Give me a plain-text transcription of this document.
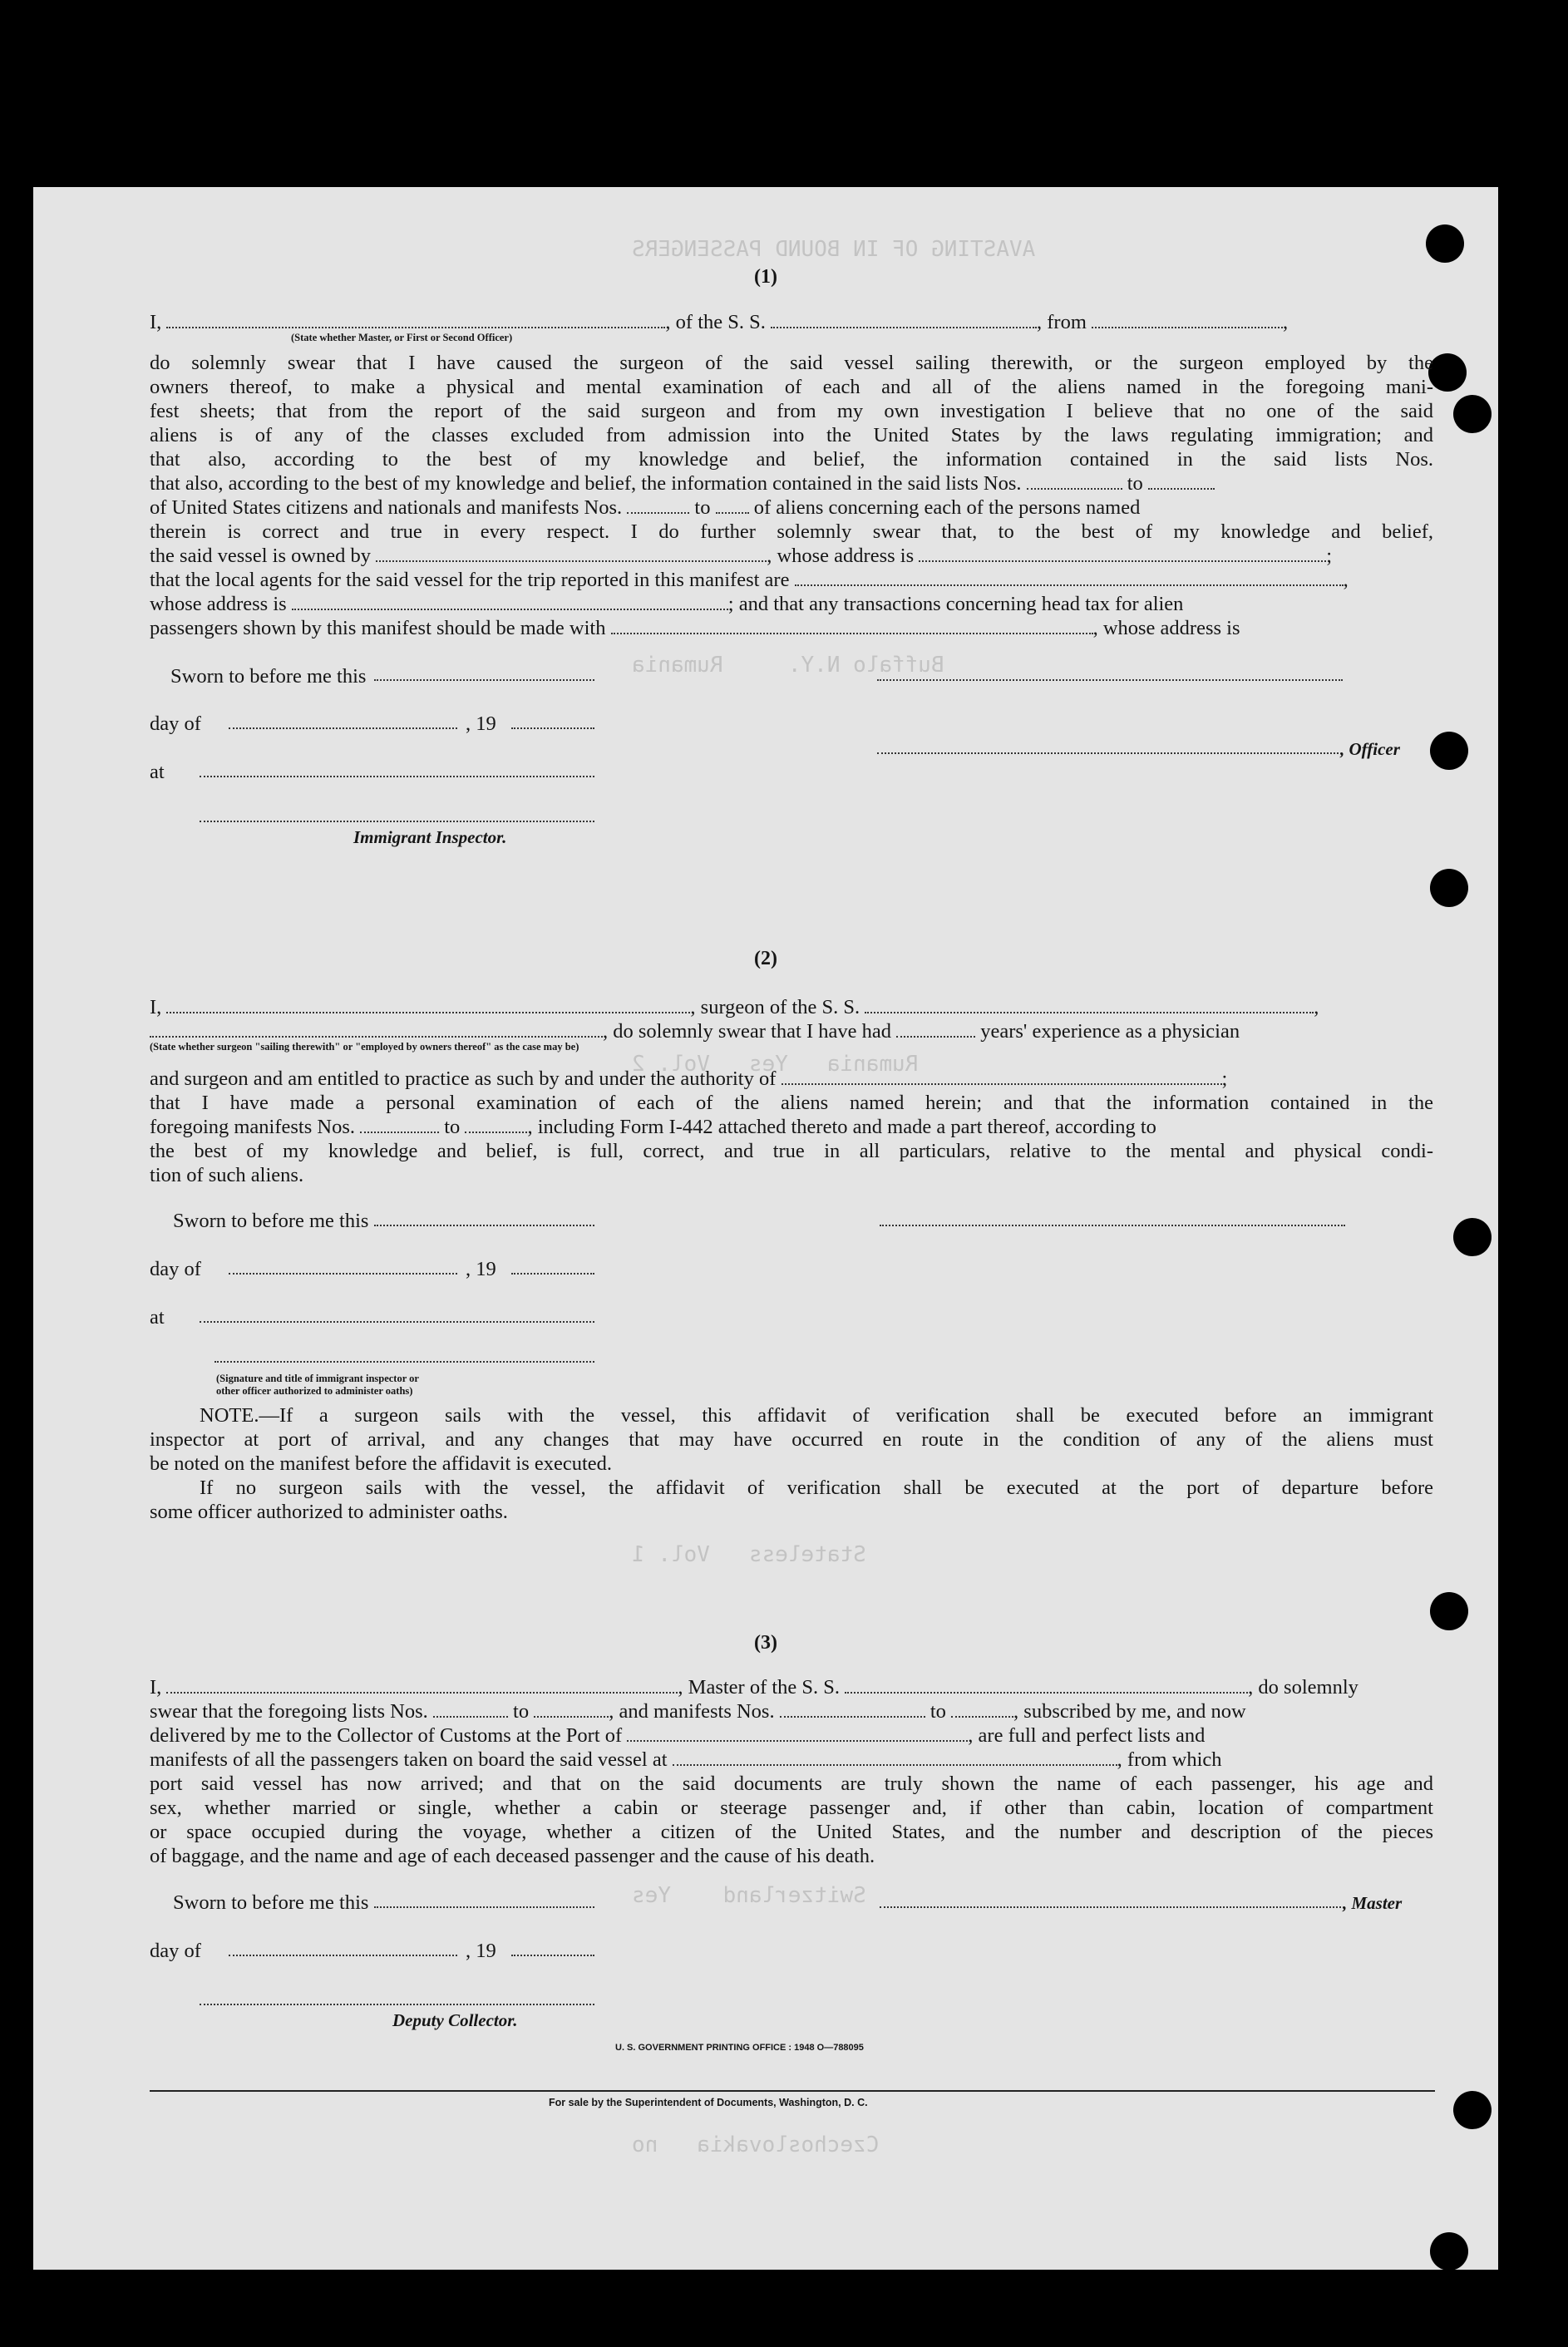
AVASTING OF IN BOUND PASSENGERS
Buffalo N.Y.     Rumania
Rumania   Yes   Vol. 2
Stateless   Vol. 1
Switzerland    Yes
Czechoslovakia   no
(1)
I,	, of the S. S.	, from	,
(State whether Master, or First or Second Officer)
do solemnly swear that I have caused the surgeon of the said vessel sailing therewith, or the surgeon employed by the
owners thereof, to make a physical and mental examination of each and all of the aliens named in the foregoing mani-
fest sheets; that from the report of the said surgeon and from my own investigation I believe that no one of the said
aliens is of any of the classes excluded from admission into the United States by the laws regulating immigration; and
that also, according to the best of my knowledge and belief, the information contained in the said lists Nos.
that also, according to the best of my knowledge and belief, the information contained in the said lists Nos.	to
of United States citizens and nationals and manifests Nos.	to  of aliens concerning each of the persons named
therein is correct and true in every respect. I do further solemnly swear that, to the best of my knowledge and belief,
the said vessel is owned by	, whose address is	;
that the local agents for the said vessel for the trip reported in this manifest are	,
whose address is	; and that any transactions concerning head tax for alien
passengers shown by this manifest should be made with	, whose address is
Sworn to before me this
day of	, 19
, Officer
at
Immigrant Inspector.
(2)
I,	, surgeon of the S. S.	,
, do solemnly swear that I have had	years' experience as a physician
(State whether surgeon "sailing therewith" or "employed by owners thereof" as the case may be)
and surgeon and am entitled to practice as such by and under the authority of	;
that I have made a personal examination of each of the aliens named herein; and that the information contained in the
foregoing manifests Nos.	to	, including Form I-442 attached thereto and made a part thereof, according to
the best of my knowledge and belief, is full, correct, and true in all particulars, relative to the mental and physical condi-
tion of such aliens.
Sworn to before me this
day of	, 19
at
(Signature and title of immigrant inspector or
other officer authorized to administer oaths)
NOTE.—If a surgeon sails with the vessel, this affidavit of verification shall be executed before an immigrant
inspector at port of arrival, and any changes that may have occurred en route in the condition of any of the aliens must
be noted on the manifest before the affidavit is executed.
If no surgeon sails with the vessel, the affidavit of verification shall be executed at the port of departure before
some officer authorized to administer oaths.
(3)
I,	, Master of the S. S.	, do solemnly
swear that the foregoing lists Nos.	to	, and manifests Nos.	to	, subscribed by me, and now
delivered by me to the Collector of Customs at the Port of	, are full and perfect lists and
manifests of all the passengers taken on board the said vessel at	, from which
port said vessel has now arrived; and that on the said documents are truly shown the name of each passenger, his age and
sex, whether married or single, whether a cabin or steerage passenger and, if other than cabin, location of compartment
or space occupied during the voyage, whether a citizen of the United States, and the number and description of the pieces
of baggage, and the name and age of each deceased passenger and the cause of his death.
Sworn to before me this	, Master
day of	, 19
Deputy Collector.
U. S. GOVERNMENT PRINTING OFFICE : 1948 O—788095
For sale by the Superintendent of Documents, Washington, D. C.
